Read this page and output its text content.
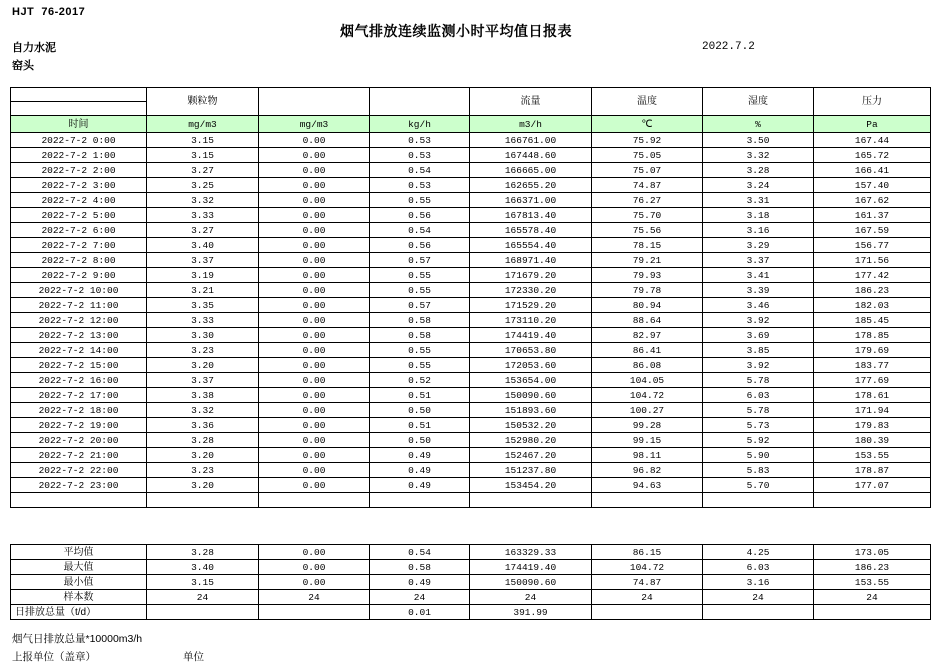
HJT  76-2017
烟气排放连续监测小时平均值日报表
自力水泥
窑头
2022.7.2
	颗粒物			流量	温度	湿度	压力

时间	mg/m3	mg/m3	kg/h	m3/h	℃	%	Pa
2022-7-2 0:00	3.15	0.00	0.53	166761.00	75.92	3.50	167.44
2022-7-2 1:00	3.15	0.00	0.53	167448.60	75.05	3.32	165.72
2022-7-2 2:00	3.27	0.00	0.54	166665.00	75.07	3.28	166.41
2022-7-2 3:00	3.25	0.00	0.53	162655.20	74.87	3.24	157.40
2022-7-2 4:00	3.32	0.00	0.55	166371.00	76.27	3.31	167.62
2022-7-2 5:00	3.33	0.00	0.56	167813.40	75.70	3.18	161.37
2022-7-2 6:00	3.27	0.00	0.54	165578.40	75.56	3.16	167.59
2022-7-2 7:00	3.40	0.00	0.56	165554.40	78.15	3.29	156.77
2022-7-2 8:00	3.37	0.00	0.57	168971.40	79.21	3.37	171.56
2022-7-2 9:00	3.19	0.00	0.55	171679.20	79.93	3.41	177.42
2022-7-2 10:00	3.21	0.00	0.55	172330.20	79.78	3.39	186.23
2022-7-2 11:00	3.35	0.00	0.57	171529.20	80.94	3.46	182.03
2022-7-2 12:00	3.33	0.00	0.58	173110.20	88.64	3.92	185.45
2022-7-2 13:00	3.30	0.00	0.58	174419.40	82.97	3.69	178.85
2022-7-2 14:00	3.23	0.00	0.55	170653.80	86.41	3.85	179.69
2022-7-2 15:00	3.20	0.00	0.55	172053.60	86.08	3.92	183.77
2022-7-2 16:00	3.37	0.00	0.52	153654.00	104.05	5.78	177.69
2022-7-2 17:00	3.38	0.00	0.51	150090.60	104.72	6.03	178.61
2022-7-2 18:00	3.32	0.00	0.50	151893.60	100.27	5.78	171.94
2022-7-2 19:00	3.36	0.00	0.51	150532.20	99.28	5.73	179.83
2022-7-2 20:00	3.28	0.00	0.50	152980.20	99.15	5.92	180.39
2022-7-2 21:00	3.20	0.00	0.49	152467.20	98.11	5.90	153.55
2022-7-2 22:00	3.23	0.00	0.49	151237.80	96.82	5.83	178.87
2022-7-2 23:00	3.20	0.00	0.49	153454.20	94.63	5.70	177.07

平均值	3.28	0.00	0.54	163329.33	86.15	4.25	173.05
最大值	3.40	0.00	0.58	174419.40	104.72	6.03	186.23
最小值	3.15	0.00	0.49	150090.60	74.87	3.16	153.55
样本数	24	24	24	24	24	24	24
日排放总量（t/d）			0.01	391.99			
烟气日排放总量*10000m3/h
上报单位（盖章）	单位
